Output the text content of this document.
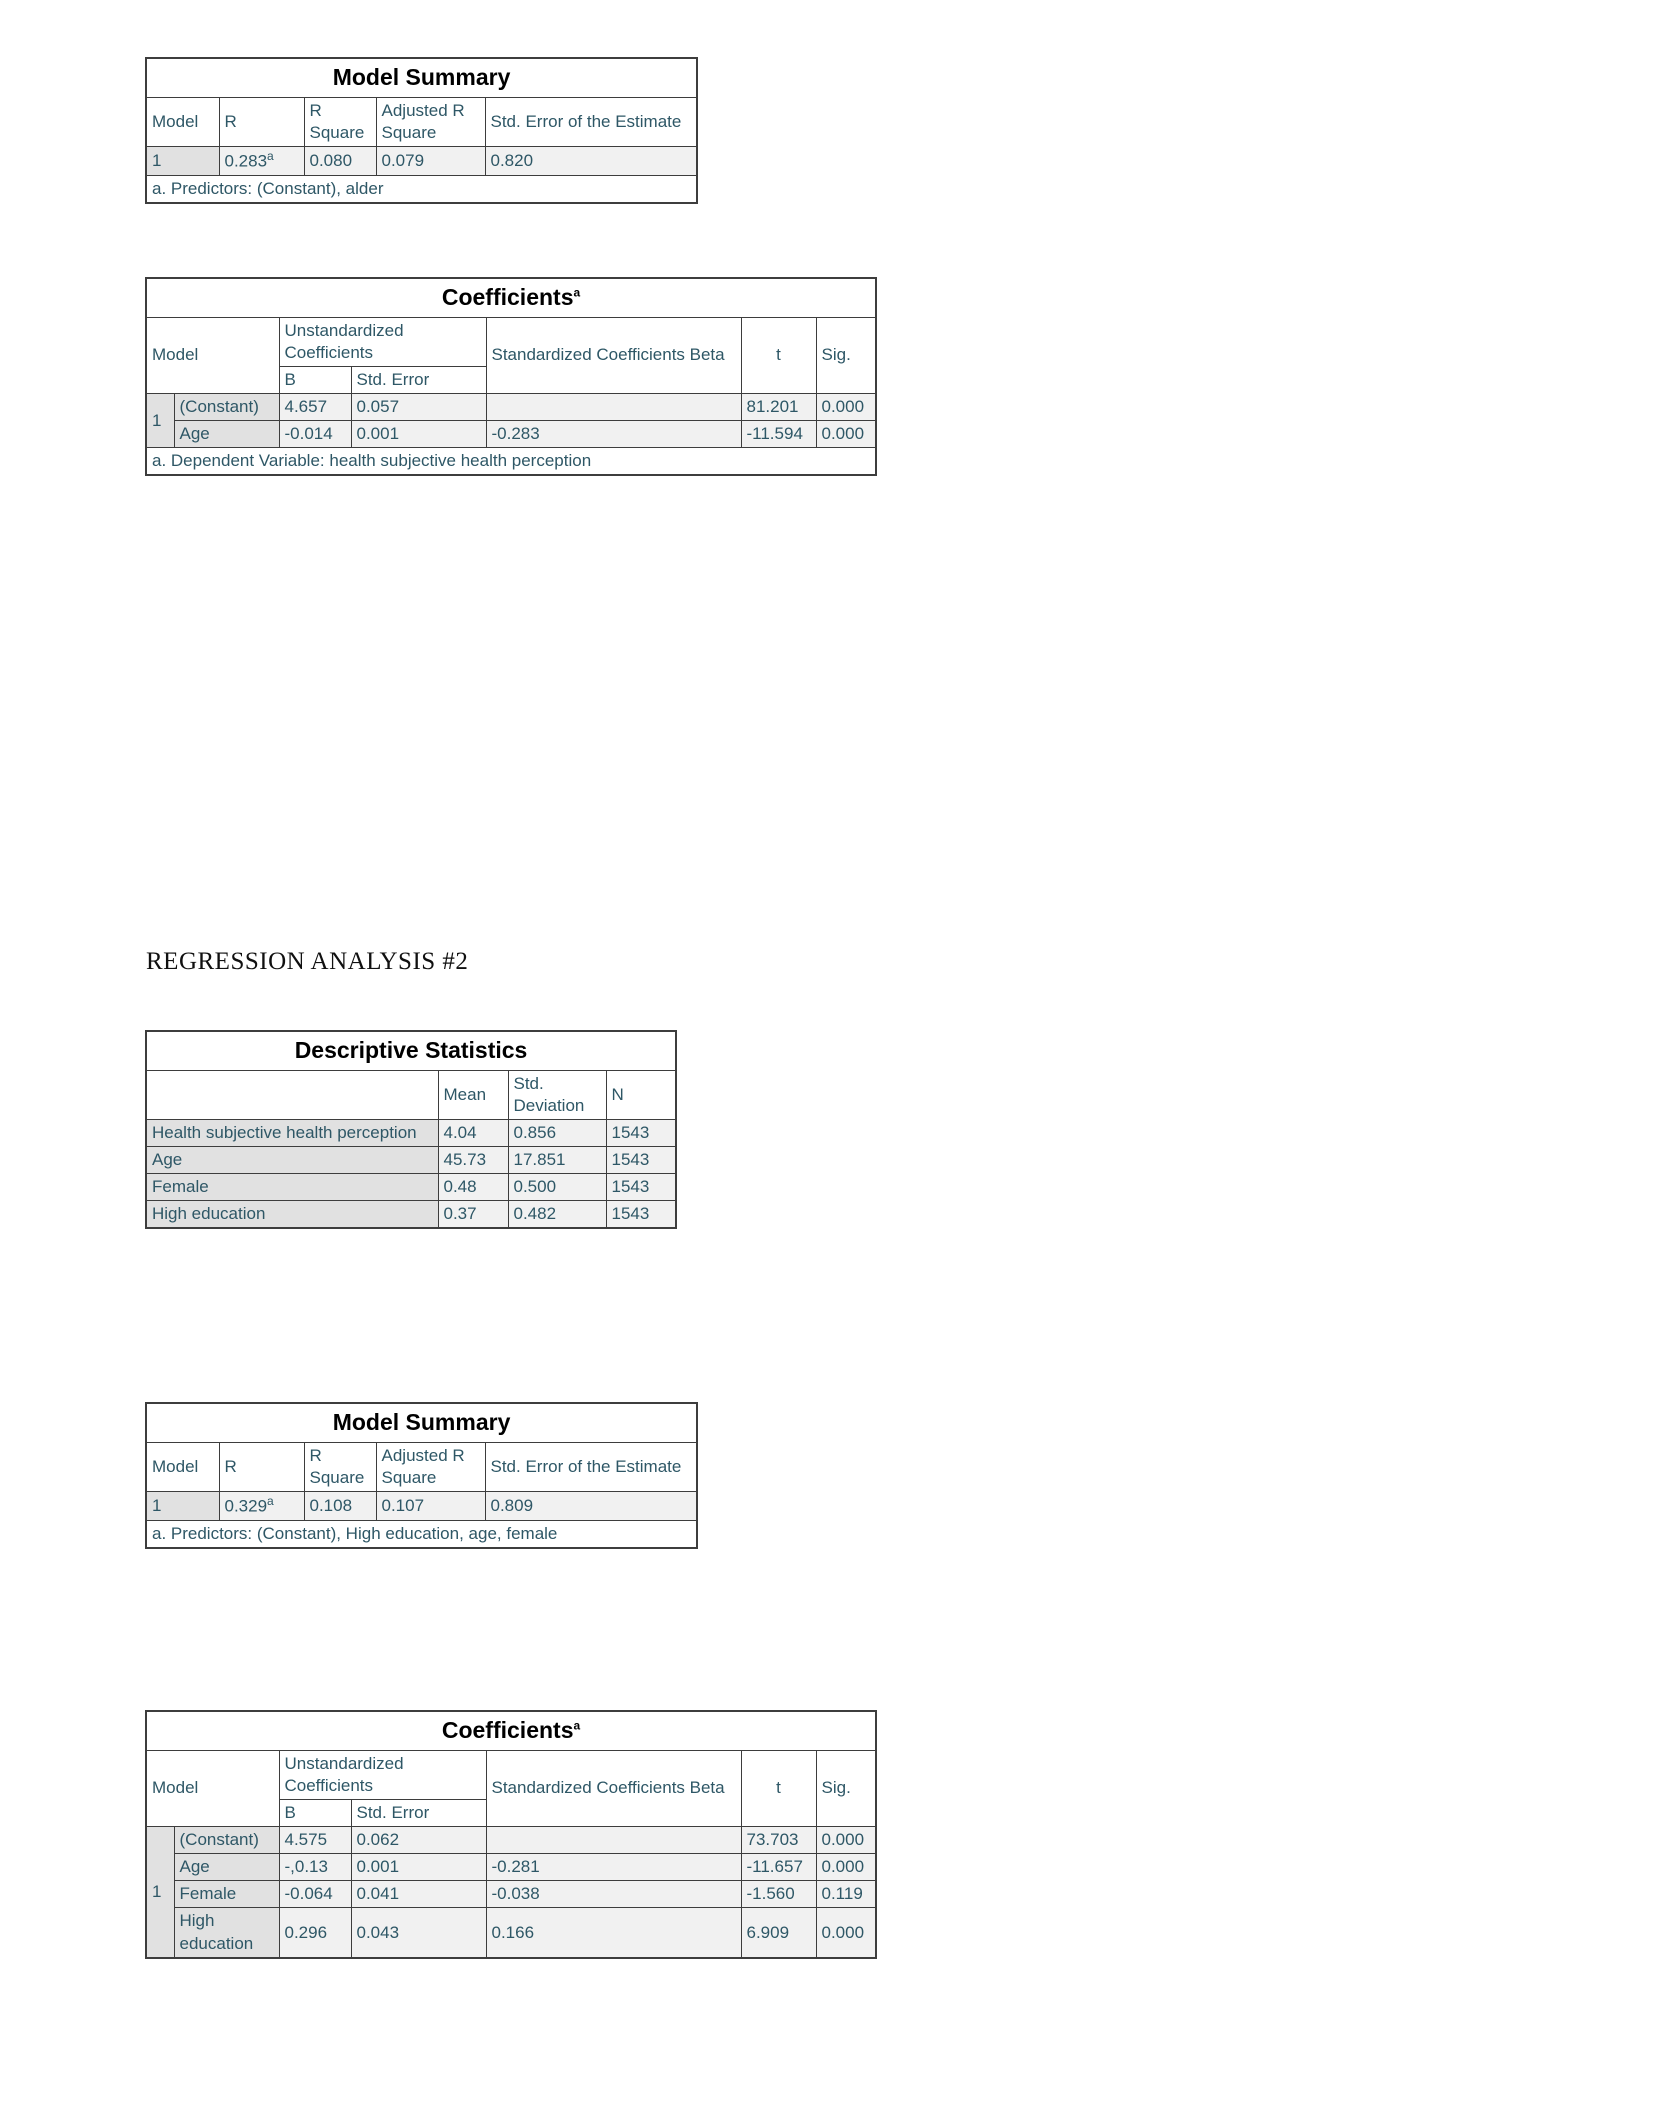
Model Summary				
Model	R	R Square	Adjusted R Square	Std. Error of the Estimate
1	0.283$^a$	0.080	0.079	0.820
a. Predictors: (Constant), alder				
Coefficients$^a$
Model		Unstandardized Coefficients		Standardized Coefficients Beta	t	Sig.
		B	Std. Error			
1	(Constant)	4.657	0.057		81.201	0.000
	Age	-0.014	0.001	-0.283	-11.594	0.000
a. Dependent Variable: health subjective health perception						
REGRESSION ANALYSIS #2
Descriptive Statistics			
	Mean	Std. Deviation	N
Health subjective health perception	4.04	0.856	1543
Age	45.73	17.851	1543
Female	0.48	0.500	1543
High education	0.37	0.482	1543
Model Summary				
Model	R	R Square	Adjusted R Square	Std. Error of the Estimate
1	0.329$^a$	0.108	0.107	0.809
a. Predictors: (Constant), High education, age, female				
Coefficients$^a$
Model		Unstandardized Coefficients		Standardized Coefficients Beta	t	Sig.
		B	Std. Error			
1	(Constant)	4.575	0.062		73.703	0.000
	Age	-,0.13	0.001	-0.281	-11.657	0.000
	Female	-0.064	0.041	-0.038	-1.560	0.119
	High education	0.296	0.043	0.166	6.909	0.000
